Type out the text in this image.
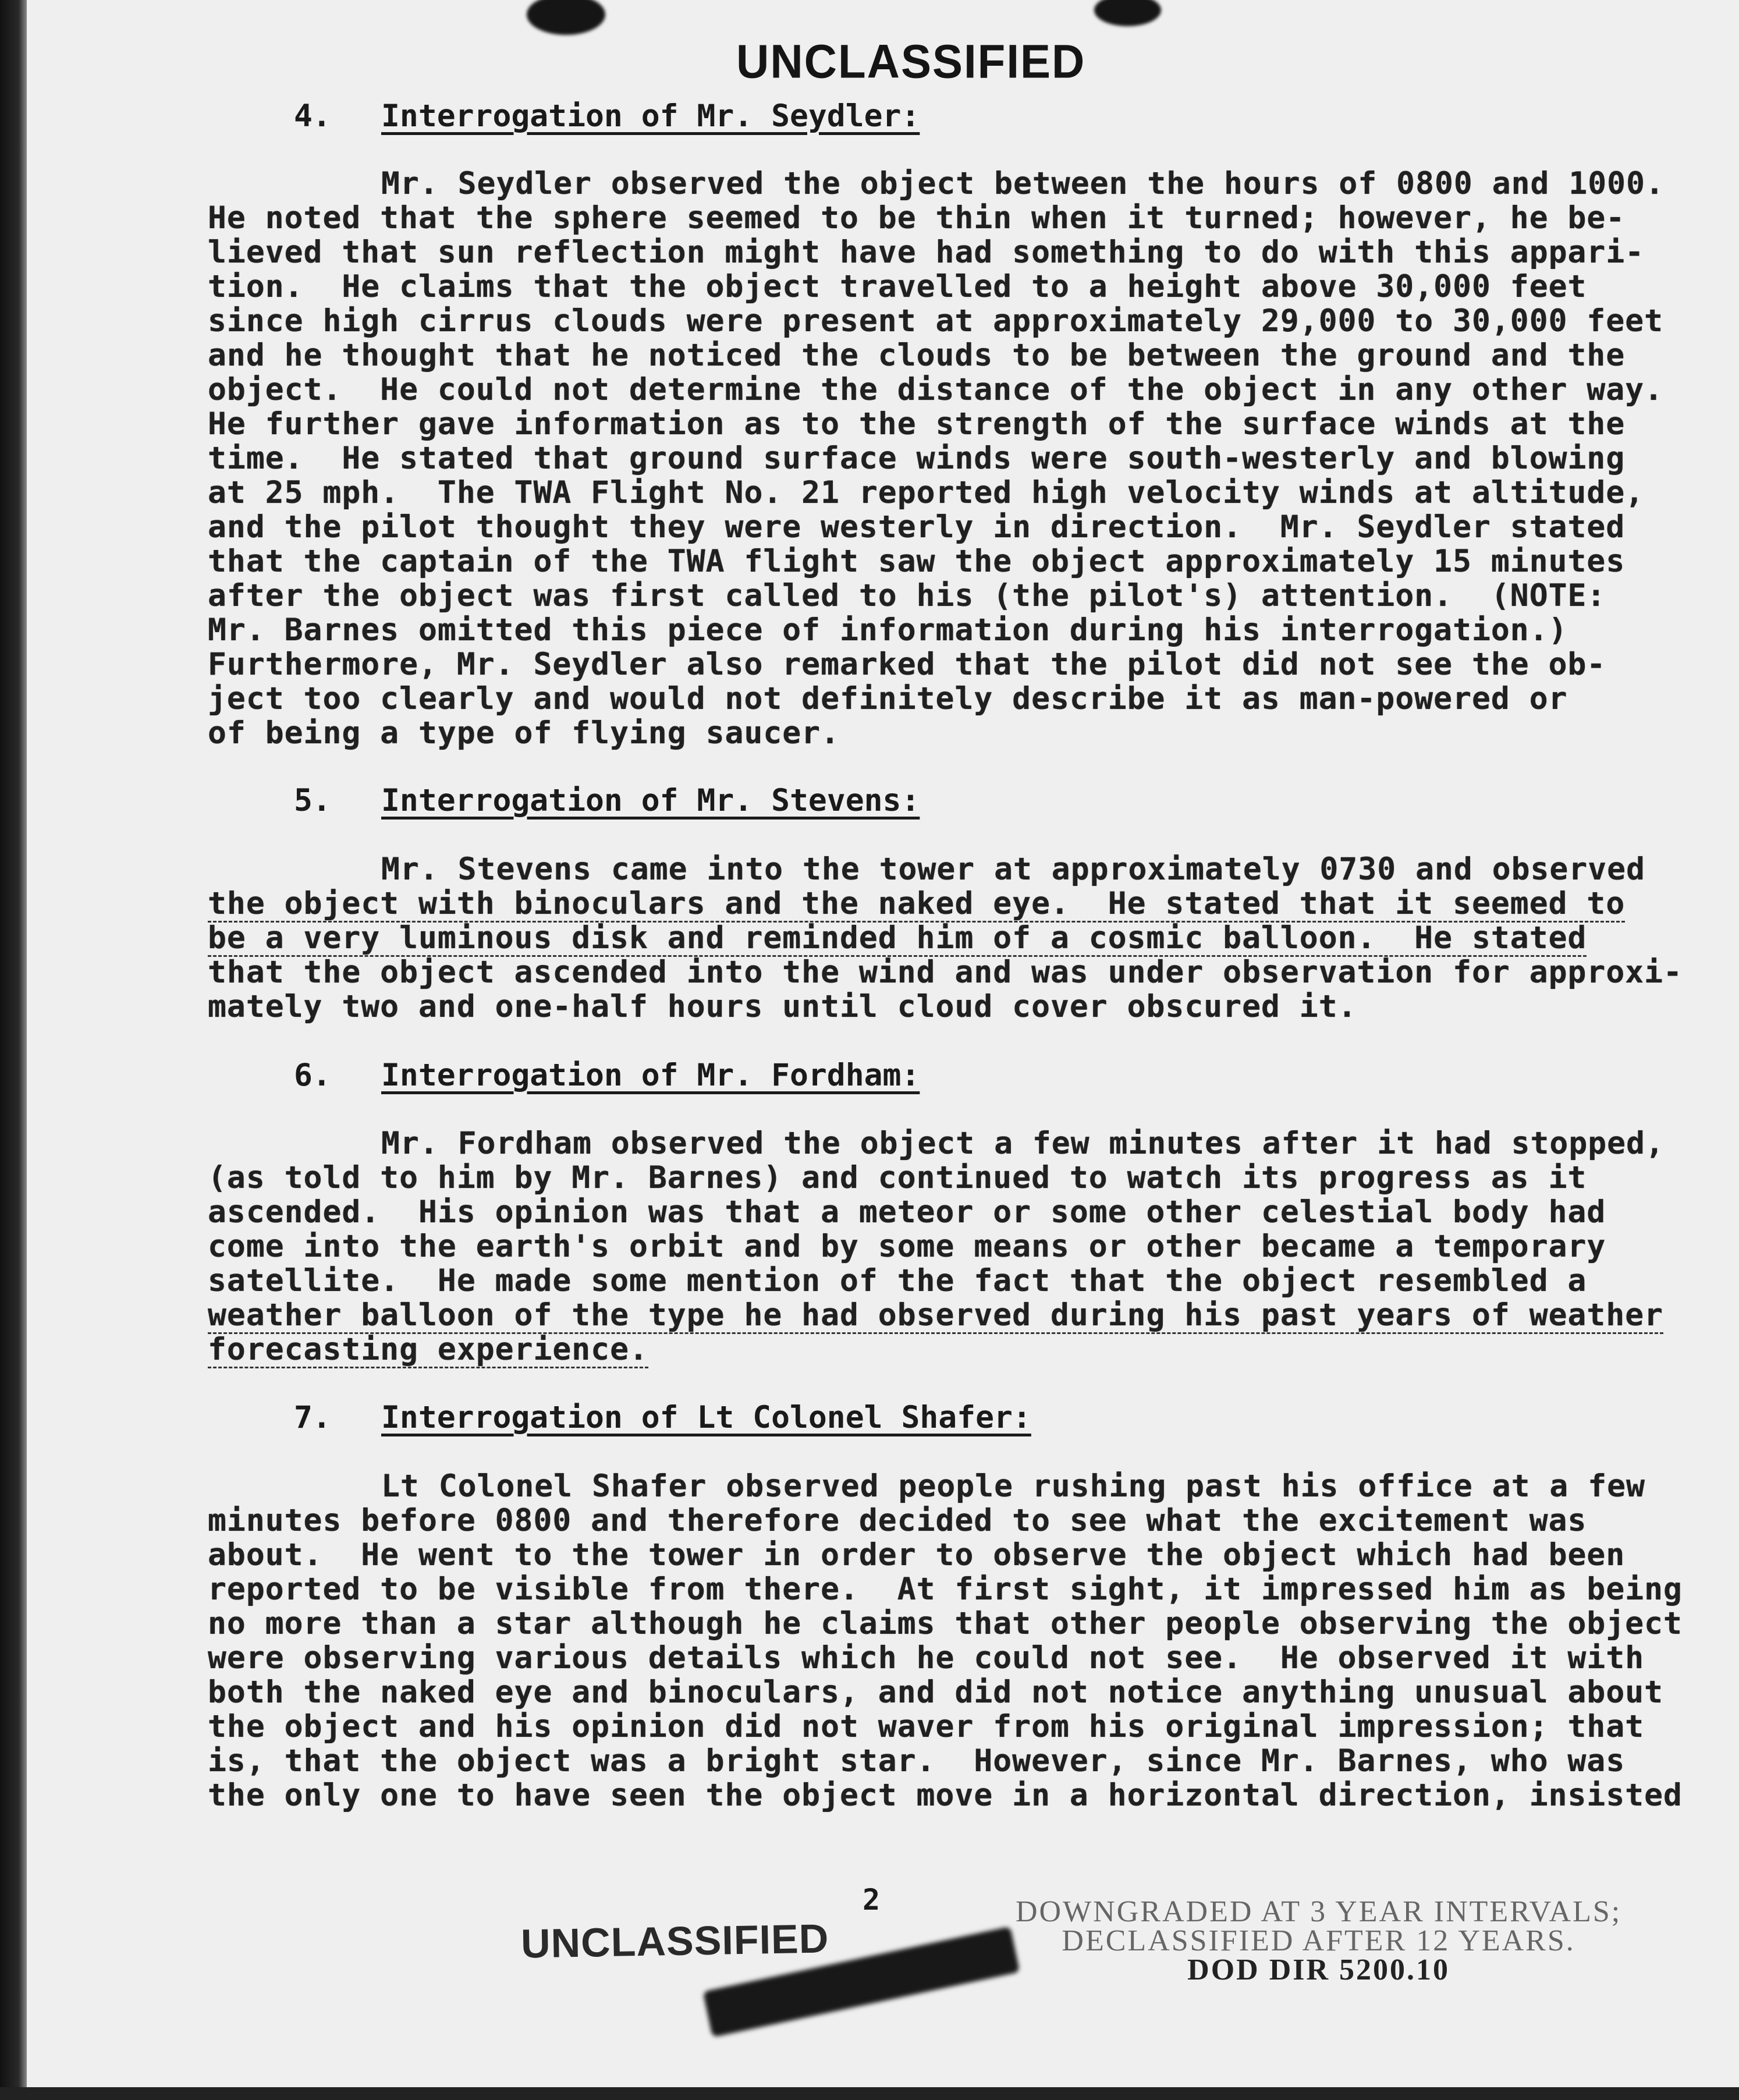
UNCLASSIFIED
4. Interrogation of Mr. Seydler:
Mr. Seydler observed the object between the hours of 0800 and 1000.
He noted that the sphere seemed to be thin when it turned; however, he be-
lieved that sun reflection might have had something to do with this appari-
tion.  He claims that the object travelled to a height above 30,000 feet
since high cirrus clouds were present at approximately 29,000 to 30,000 feet
and he thought that he noticed the clouds to be between the ground and the
object.  He could not determine the distance of the object in any other way.
He further gave information as to the strength of the surface winds at the
time.  He stated that ground surface winds were south-westerly and blowing
at 25 mph.  The TWA Flight No. 21 reported high velocity winds at altitude,
and the pilot thought they were westerly in direction.  Mr. Seydler stated
that the captain of the TWA flight saw the object approximately 15 minutes
after the object was first called to his (the pilot's) attention.  (NOTE:
Mr. Barnes omitted this piece of information during his interrogation.)
Furthermore, Mr. Seydler also remarked that the pilot did not see the ob-
ject too clearly and would not definitely describe it as man-powered or
of being a type of flying saucer.
5. Interrogation of Mr. Stevens:
Mr. Stevens came into the tower at approximately 0730 and observed
the object with binoculars and the naked eye.  He stated that it seemed to
be a very luminous disk and reminded him of a cosmic balloon.  He stated
that the object ascended into the wind and was under observation for approxi-
mately two and one-half hours until cloud cover obscured it.
6. Interrogation of Mr. Fordham:
Mr. Fordham observed the object a few minutes after it had stopped,
(as told to him by Mr. Barnes) and continued to watch its progress as it
ascended.  His opinion was that a meteor or some other celestial body had
come into the earth's orbit and by some means or other became a temporary
satellite.  He made some mention of the fact that the object resembled a
weather balloon of the type he had observed during his past years of weather
forecasting experience.
7. Interrogation of Lt Colonel Shafer:
Lt Colonel Shafer observed people rushing past his office at a few
minutes before 0800 and therefore decided to see what the excitement was
about.  He went to the tower in order to observe the object which had been
reported to be visible from there.  At first sight, it impressed him as being
no more than a star although he claims that other people observing the object
were observing various details which he could not see.  He observed it with
both the naked eye and binoculars, and did not notice anything unusual about
the object and his opinion did not waver from his original impression; that
is, that the object was a bright star.  However, since Mr. Barnes, who was
the only one to have seen the object move in a horizontal direction, insisted
2
UNCLASSIFIED
DOWNGRADED AT 3 YEAR INTERVALS;
DECLASSIFIED AFTER 12 YEARS.
DOD DIR 5200.10
